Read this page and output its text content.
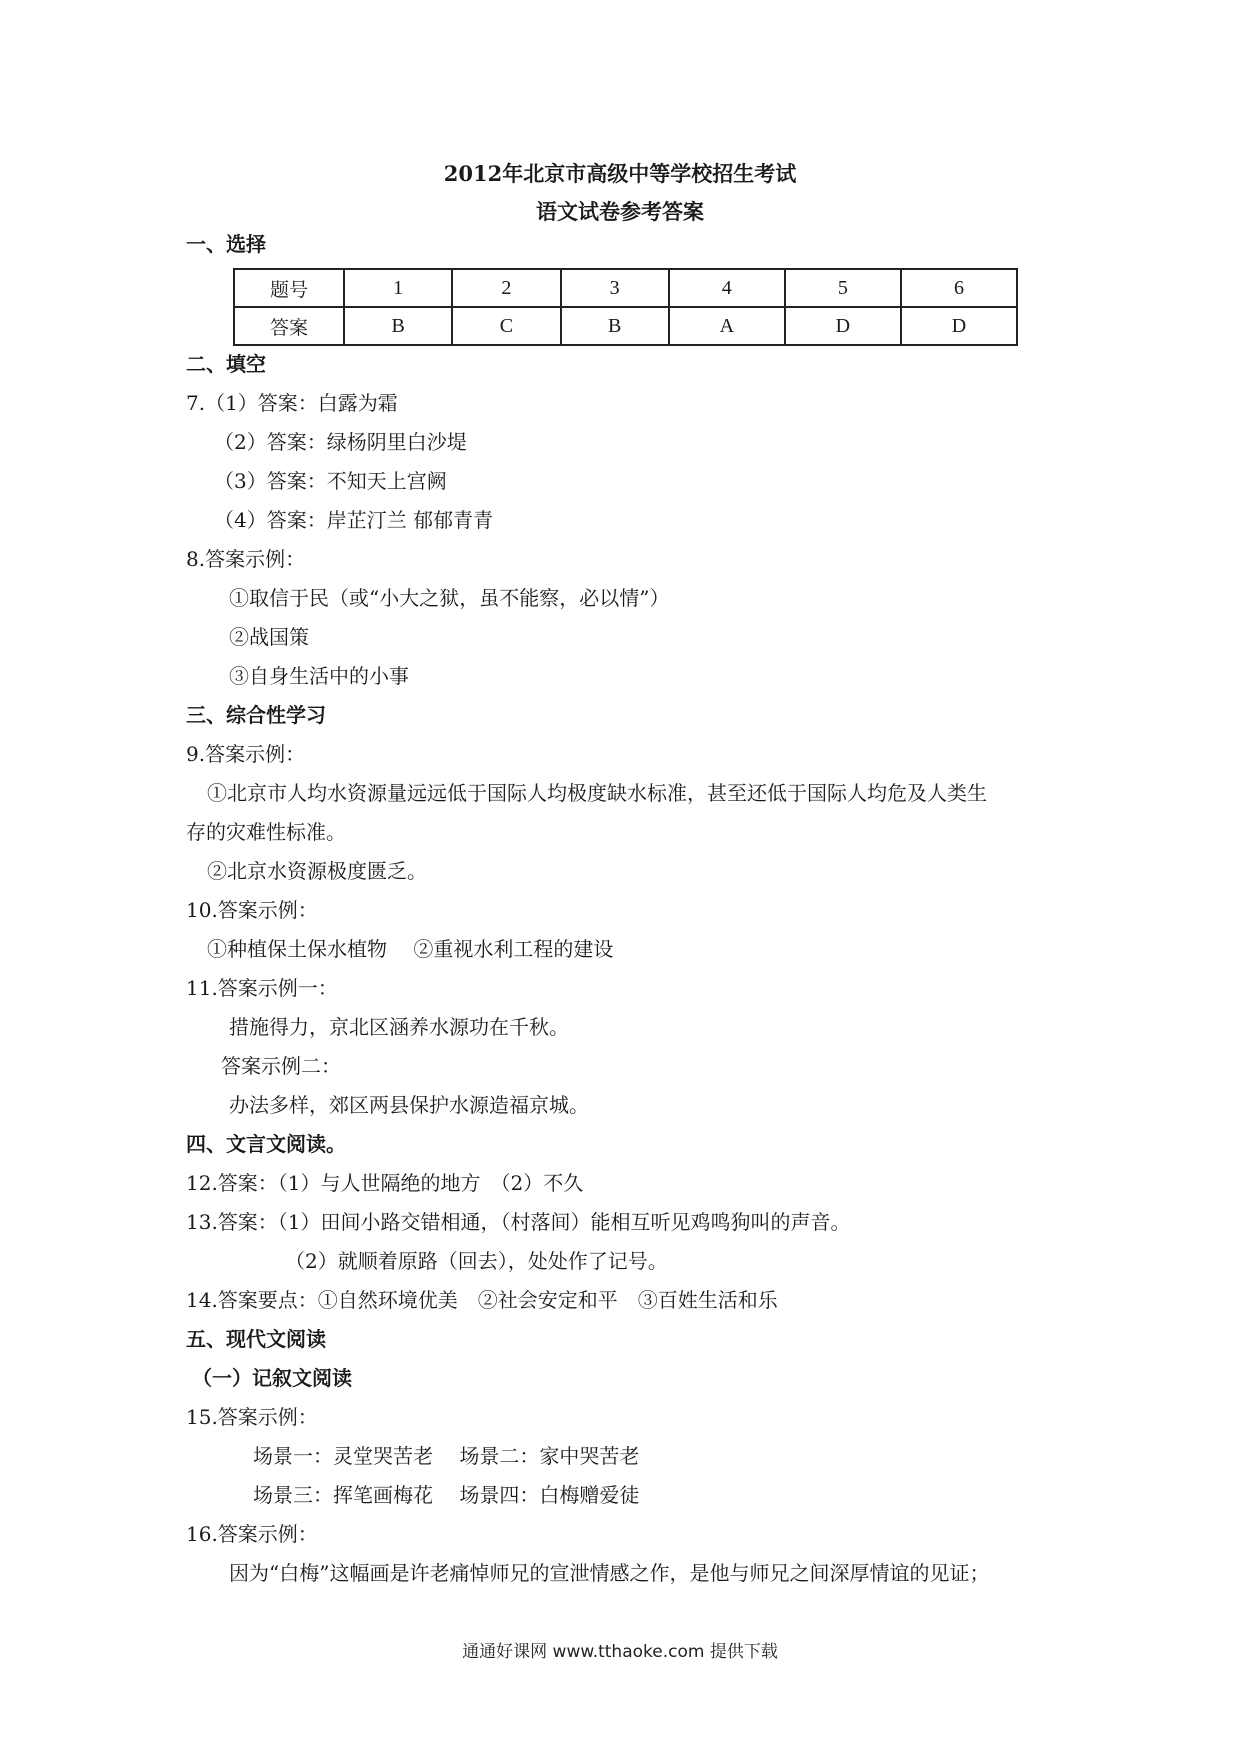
2012年北京市高级中等学校招生考试
语文试卷参考答案
一、选择
题号	1	2	3	4	5	6
答案	B	C	B	A	D	D
二、填空
7.（1）答案：白露为霜
（2）答案：绿杨阴里白沙堤
（3）答案：不知天上宫阙
（4）答案：岸芷汀兰 郁郁青青
8.答案示例：
①取信于民（或“小大之狱，虽不能察，必以情”）
②战国策
③自身生活中的小事
三、综合性学习
9.答案示例：
①北京市人均水资源量远远低于国际人均极度缺水标准，甚至还低于国际人均危及人类生
存的灾难性标准。
②北京水资源极度匮乏。
10.答案示例：
①种植保土保水植物　 ②重视水利工程的建设
11.答案示例一：
措施得力，京北区涵养水源功在千秋。
答案示例二：
办法多样，郊区两县保护水源造福京城。
四、文言文阅读。
12.答案：（1）与人世隔绝的地方　（2）不久
13.答案：（1）田间小路交错相通，（村落间）能相互听见鸡鸣狗叫的声音。
（2）就顺着原路（回去），处处作了记号。
14.答案要点：①自然环境优美　②社会安定和平　③百姓生活和乐
五、现代文阅读
（一）记叙文阅读
15.答案示例：
场景一：灵堂哭苦老　 场景二：家中哭苦老
场景三：挥笔画梅花　 场景四：白梅赠爱徒
16.答案示例：
因为“白梅”这幅画是许老痛悼师兄的宣泄情感之作，是他与师兄之间深厚情谊的见证；
通通好课网 www.tthaoke.com 提供下载
